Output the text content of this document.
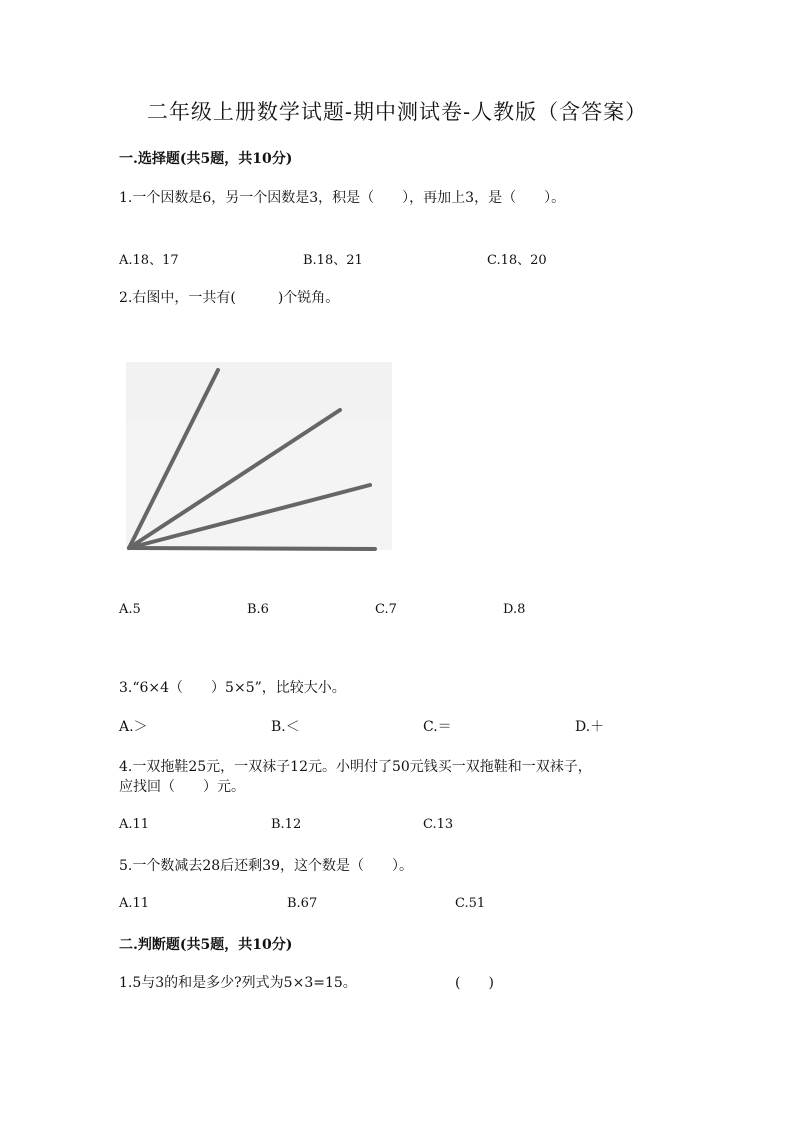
二年级上册数学试题-期中测试卷-人教版（含答案）
一.选择题(共5题，共10分)
1.一个因数是6，另一个因数是3，积是（　　），再加上3，是（　　）。
A.18、17	B.18、21	C.18、20
2.右图中，一共有(　　　)个锐角。
A.5	B.6	C.7	D.8
3.“6×4（　　）5×5”，比较大小。
A.＞	B.＜	C.＝	D.＋
4.一双拖鞋25元，一双袜子12元。小明付了50元钱买一双拖鞋和一双袜子，
应找回（　　）元。
A.11	B.12	C.13
5.一个数减去28后还剩39，这个数是（　　）。
A.11	B.67	C.51
二.判断题(共5题，共10分)
1.5与3的和是多少?列式为5×3=15。	(　　)
